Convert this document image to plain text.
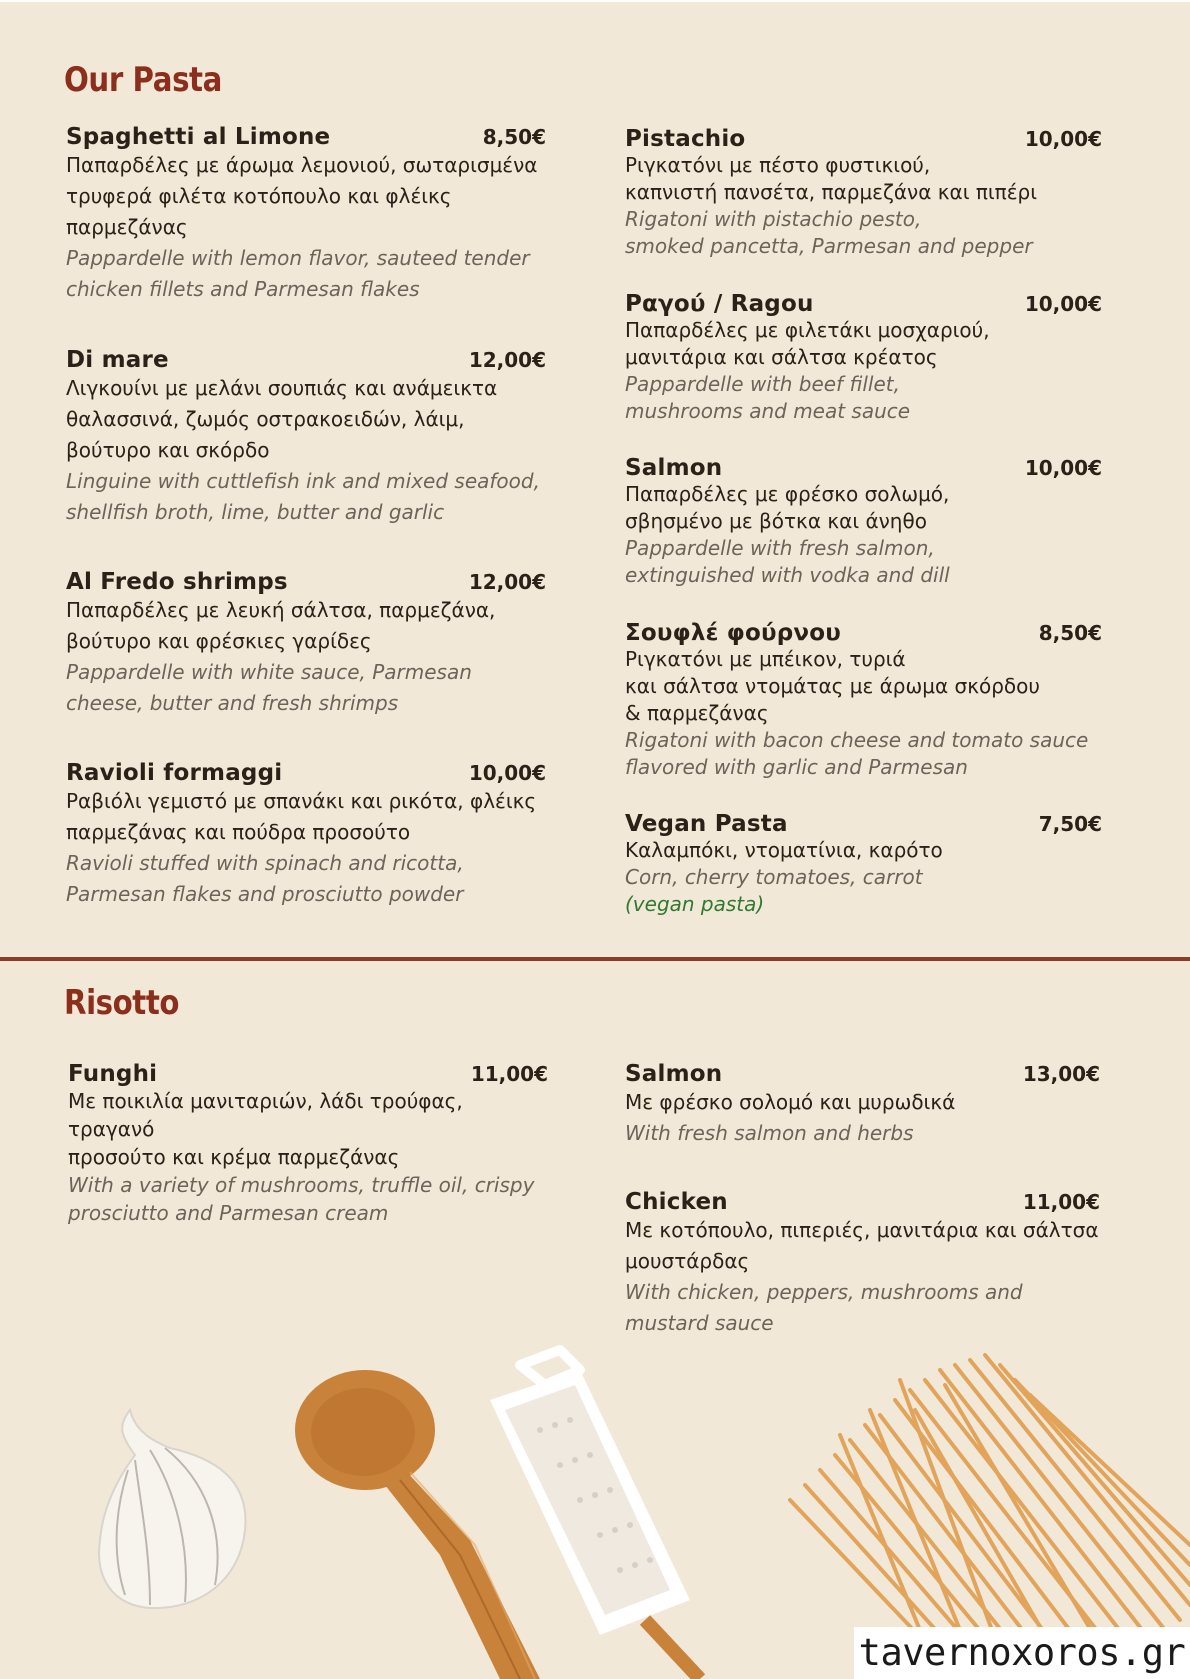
Our Pasta
Spaghetti al Limone	8,50€
Παπαρδέλες με άρωμα λεμονιού, σωταρισμένα
τρυφερά φιλέτα κοτόπουλο και φλέικς
παρμεζάνας
Pappardelle with lemon flavor, sauteed tender
chicken fillets and Parmesan flakes
Di mare	12,00€
Λιγκουίνι με μελάνι σουπιάς και ανάμεικτα
θαλασσινά, ζωμός οστρακοειδών, λάιμ,
βούτυρο και σκόρδο
Linguine with cuttlefish ink and mixed seafood,
shellfish broth, lime, butter and garlic
Al Fredo shrimps	12,00€
Παπαρδέλες με λευκή σάλτσα, παρμεζάνα,
βούτυρο και φρέσκιες γαρίδες
Pappardelle with white sauce, Parmesan
cheese, butter and fresh shrimps
Ravioli formaggi	10,00€
Ραβιόλι γεμιστό με σπανάκι και ρικότα, φλέικς
παρμεζάνας και πούδρα προσούτο
Ravioli stuffed with spinach and ricotta,
Parmesan flakes and prosciutto powder
Pistachio	10,00€
Ριγκατόνι με πέστο φυστικιού,
καπνιστή πανσέτα, παρμεζάνα και πιπέρι
Rigatoni with pistachio pesto,
smoked pancetta, Parmesan and pepper
Ραγού / Ragou	10,00€
Παπαρδέλες με φιλετάκι μοσχαριού,
μανιτάρια και σάλτσα κρέατος
Pappardelle with beef fillet,
mushrooms and meat sauce
Salmon	10,00€
Παπαρδέλες με φρέσκο σολωμό,
σβησμένο με βότκα και άνηθο
Pappardelle with fresh salmon,
extinguished with vodka and dill
Σουφλέ φούρνου	8,50€
Ριγκατόνι με μπέικον, τυριά
και σάλτσα ντομάτας με άρωμα σκόρδου
& παρμεζάνας
Rigatoni with bacon cheese and tomato sauce
flavored with garlic and Parmesan
Vegan Pasta	7,50€
Καλαμπόκι, ντοματίνια, καρότο
Corn, cherry tomatoes, carrot
(vegan pasta)
Risotto
Funghi	11,00€
Με ποικιλία μανιταριών, λάδι τρούφας, τραγανό
προσούτο και κρέμα παρμεζάνας
With a variety of mushrooms, truffle oil, crispy
prosciutto and Parmesan cream
Salmon	13,00€
Με φρέσκο σολομό και μυρωδικά
With fresh salmon and herbs
Chicken	11,00€
Με κοτόπουλο, πιπεριές, μανιτάρια και σάλτσα
μουστάρδας
With chicken, peppers, mushrooms and
mustard sauce
tavernoxoros.gr
